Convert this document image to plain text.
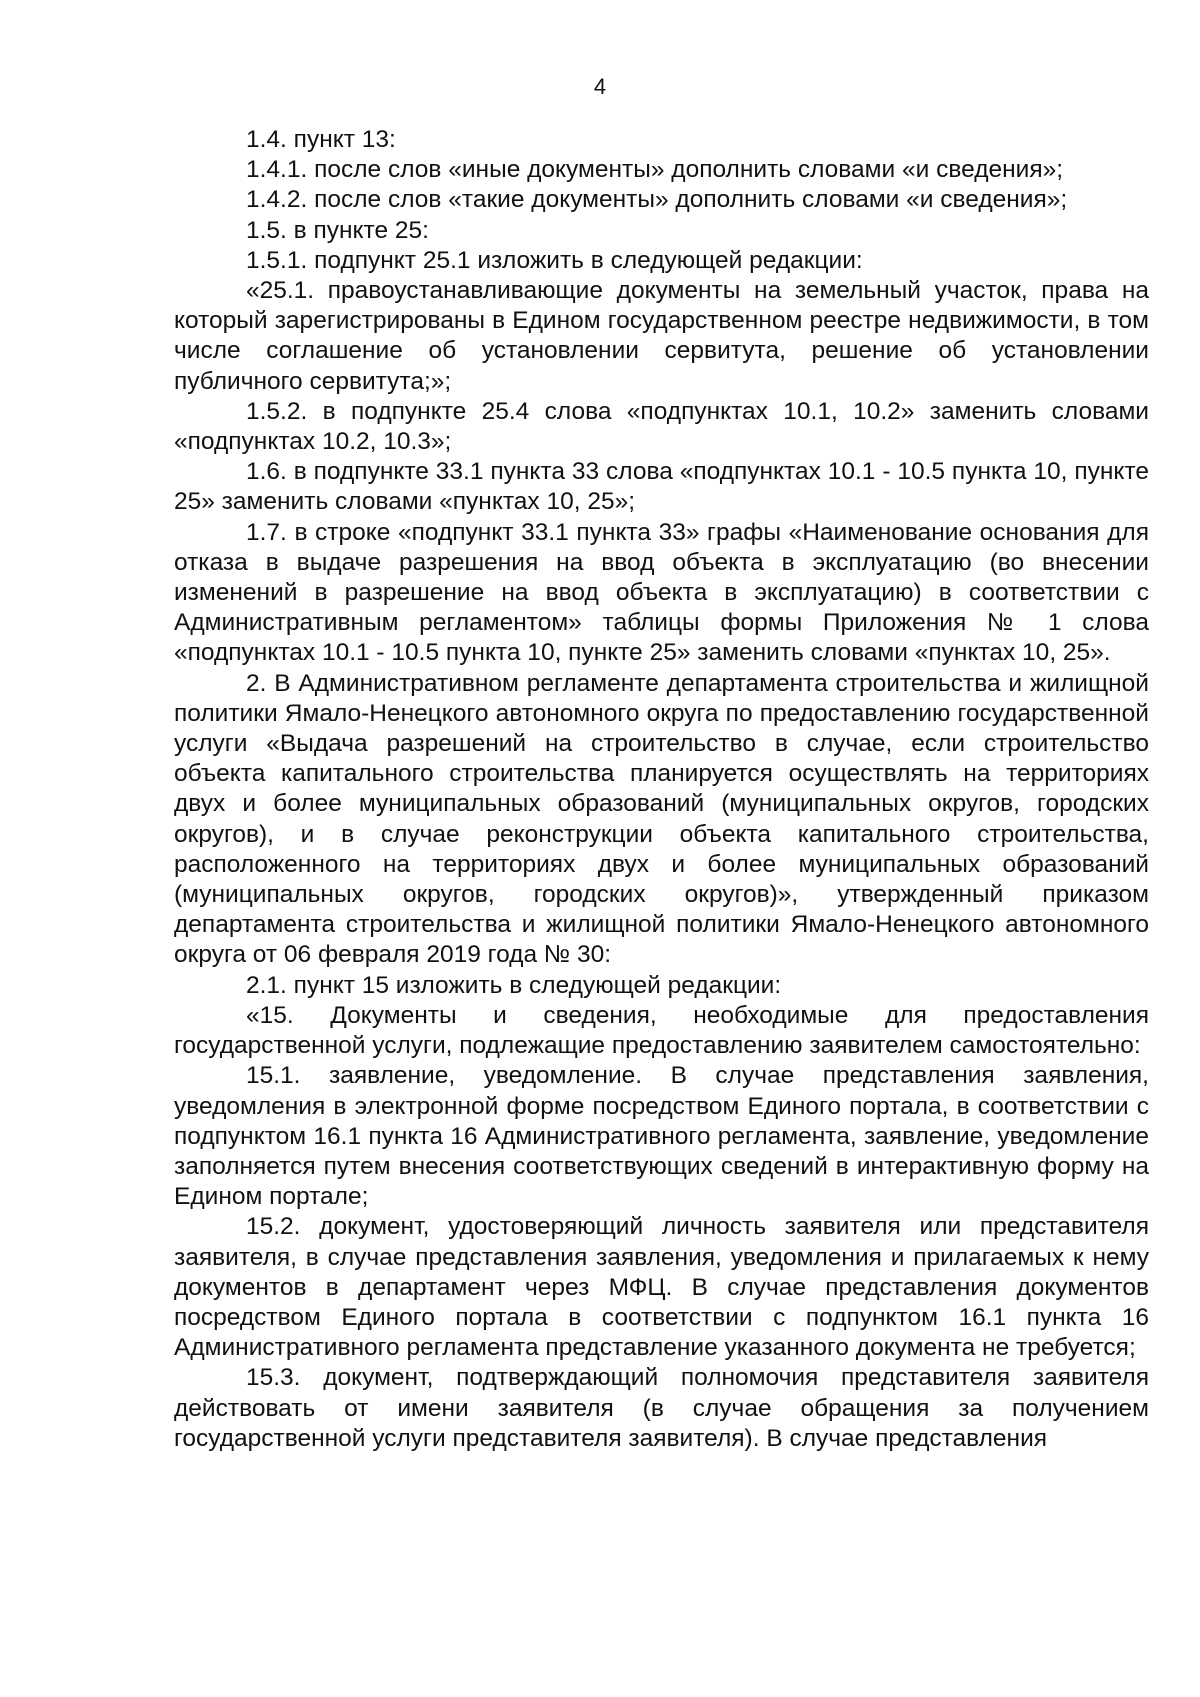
4

1.4. пункт 13:

1.4.1. после слов «иные документы» дополнить словами «и сведения»;

1.4.2. после слов «такие документы» дополнить словами «и сведения»;

1.5. в пункте 25:

1.5.1. подпункт 25.1 изложить в следующей редакции:

«25.1. правоустанавливающие документы на земельный участок, права на который зарегистрированы в Едином государственном реестре недвижимости, в том числе соглашение об установлении сервитута, решение об установлении публичного сервитута;»;

1.5.2. в подпункте 25.4 слова «подпунктах 10.1, 10.2» заменить словами «подпунктах 10.2, 10.3»;

1.6. в подпункте 33.1 пункта 33 слова «подпунктах 10.1 - 10.5 пункта 10, пункте 25» заменить словами «пунктах 10, 25»;

1.7. в строке «подпункт 33.1 пункта 33» графы «Наименование основания для отказа в выдаче разрешения на ввод объекта в эксплуатацию (во внесении изменений в разрешение на ввод объекта в эксплуатацию) в соответствии с Административным регламентом» таблицы формы Приложения № 1 слова «подпунктах 10.1 - 10.5 пункта 10, пункте 25» заменить словами «пунктах 10, 25».

2. В Административном регламенте департамента строительства и жилищной политики Ямало-Ненецкого автономного округа по предоставлению государственной услуги «Выдача разрешений на строительство в случае, если строительство объекта капитального строительства планируется осуществлять на территориях двух и более муниципальных образований (муниципальных округов, городских округов), и в случае реконструкции объекта капитального строительства, расположенного на территориях двух и более муниципальных образований (муниципальных округов, городских округов)», утвержденный приказом департамента строительства и жилищной политики Ямало-Ненецкого автономного округа от 06 февраля 2019 года № 30:

2.1. пункт 15 изложить в следующей редакции:

«15. Документы и сведения, необходимые для предоставления государственной услуги, подлежащие предоставлению заявителем самостоятельно:

15.1. заявление, уведомление. В случае представления заявления, уведомления в электронной форме посредством Единого портала, в соответствии с подпунктом 16.1 пункта 16 Административного регламента, заявление, уведомление заполняется путем внесения соответствующих сведений в интерактивную форму на Едином портале;

15.2. документ, удостоверяющий личность заявителя или представителя заявителя, в случае представления заявления, уведомления и прилагаемых к нему документов в департамент через МФЦ. В случае представления документов посредством Единого портала в соответствии с подпунктом 16.1 пункта 16 Административного регламента представление указанного документа не требуется;

15.3. документ, подтверждающий полномочия представителя заявителя действовать от имени заявителя (в случае обращения за получением государственной услуги представителя заявителя). В случае представления
